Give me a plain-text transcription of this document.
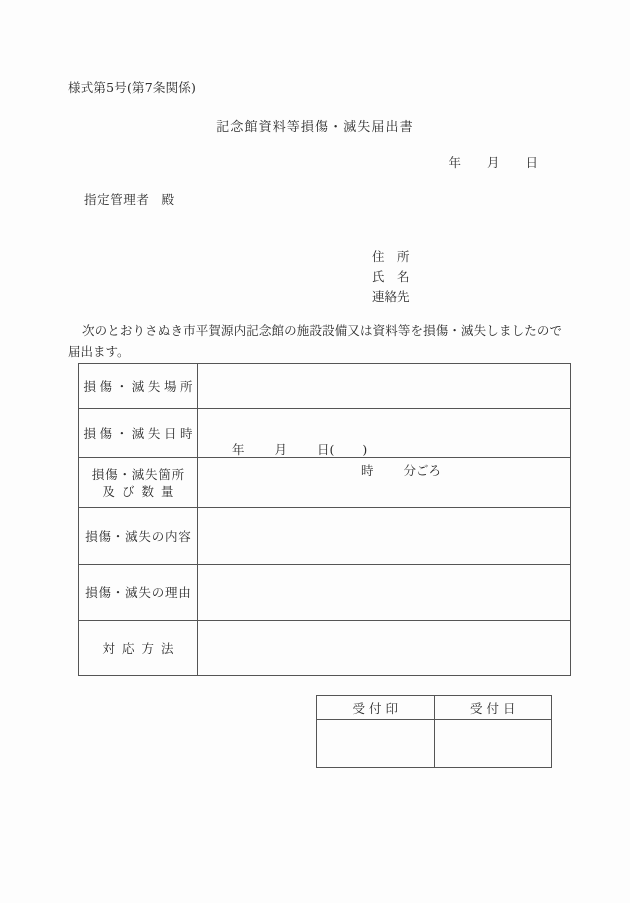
様式第5号(第7条関係)
記念館資料等損傷・滅失届出書
年 月 日
指定管理者 殿
住　所
氏　名
連絡先
次のとおりさぬき市平賀源内記念館の施設設備又は資料等を損傷・滅失しましたので届出ます。
損傷・滅失場所	

損傷・滅失日時	年 月 日( )
時 分ごろ

損傷・滅失箇所
及び数量	

損傷・滅失の内容	

損傷・滅失の理由	

対応方法	

受付印	受付日
